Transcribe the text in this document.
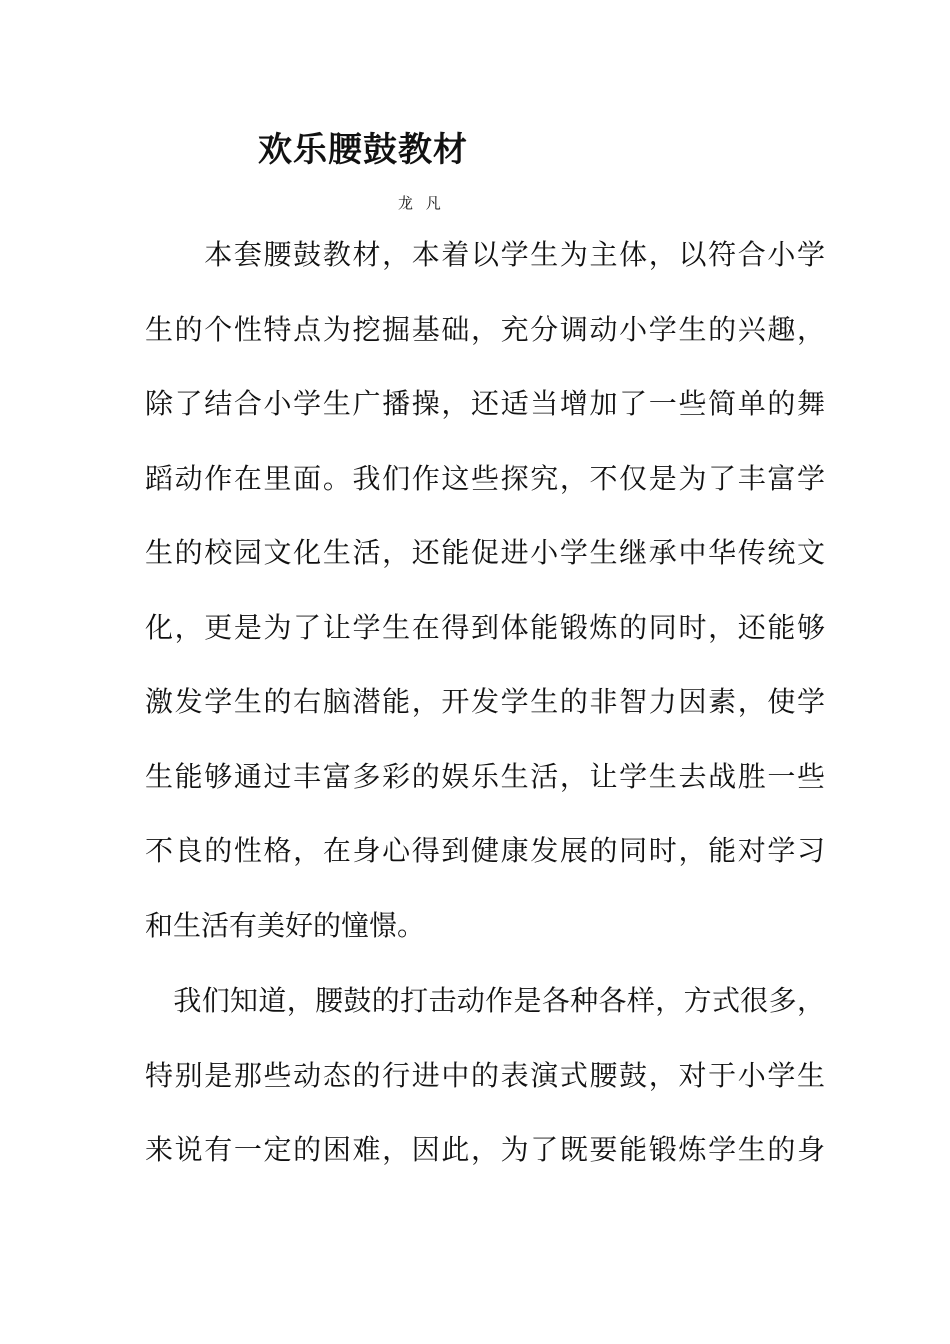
欢乐腰鼓教材
龙 凡
　　本套腰鼓教材，本着以学生为主体，以符合小学
生的个性特点为挖掘基础，充分调动小学生的兴趣，
除了结合小学生广播操，还适当增加了一些简单的舞
蹈动作在里面。我们作这些探究，不仅是为了丰富学
生的校园文化生活，还能促进小学生继承中华传统文
化，更是为了让学生在得到体能锻炼的同时，还能够
激发学生的右脑潜能，开发学生的非智力因素，使学
生能够通过丰富多彩的娱乐生活，让学生去战胜一些
不良的性格，在身心得到健康发展的同时，能对学习
和生活有美好的憧憬。
　我们知道，腰鼓的打击动作是各种各样，方式很多，
特别是那些动态的行进中的表演式腰鼓，对于小学生
来说有一定的困难，因此，为了既要能锻炼学生的身
